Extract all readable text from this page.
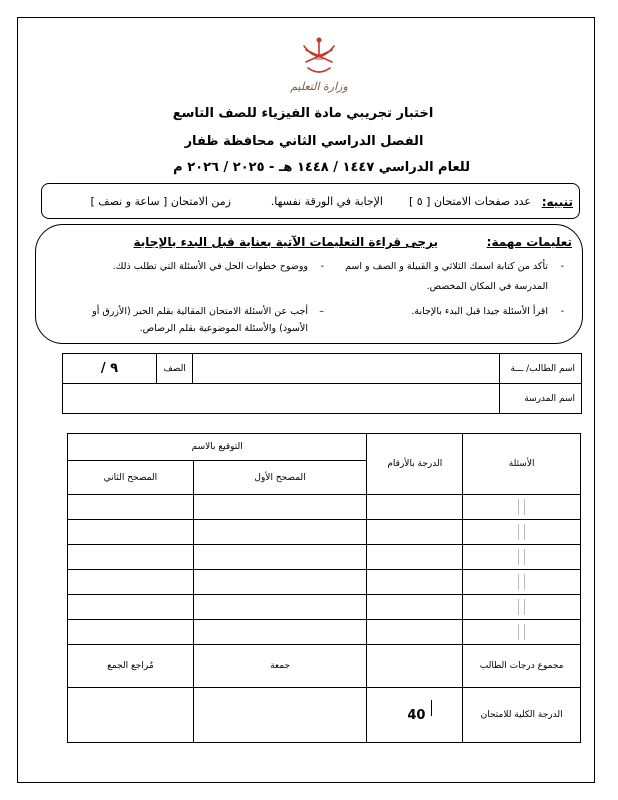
وزارة التعليم
اختبار تجريبي مادة الفيزياء للصف التاسع
الفصل الدراسي الثاني محافظة ظفار
للعام الدراسي ١٤٤٧ / ١٤٤٨ هـ - ٢٠٢٥ / ٢٠٢٦ م
تنبيه:
عدد صفحات الامتحان [ ٥ ]
الإجابة في الورقة نفسها.
زمن الامتحان [ ساعة و نصف ]
تعليمات مهمة:
يرجى قراءة التعليمات الآتية بعناية قبل البدء بالإجابة
-
تأكد من كتابة اسمك الثلاثي و القبيلة و الصف و اسم
المدرسة في المكان المخصص.
-
اقرأ الأسئلة جيدا قبل البدء بالإجابة.
-
ووضوح خطوات الحل في الأسئلة التي تطلب ذلك.
–
أجب عن الأسئلة الامتحان المقالية بقلم الحبر (الأزرق أو
الأسود) والأسئلة الموضوعية بقلم الرصاص.
اسم الطالب/ ـــة		الصف	٩ /
اسم المدرسة			
الأسئلة	الدرجة بالأرقام	التوقيع بالاسم	
		المصحح الأول	المصحح الثاني

مجموع درجات الطالب		جمعة	مُراجع الجمع
الدرجة الكلية للامتحان	40		
